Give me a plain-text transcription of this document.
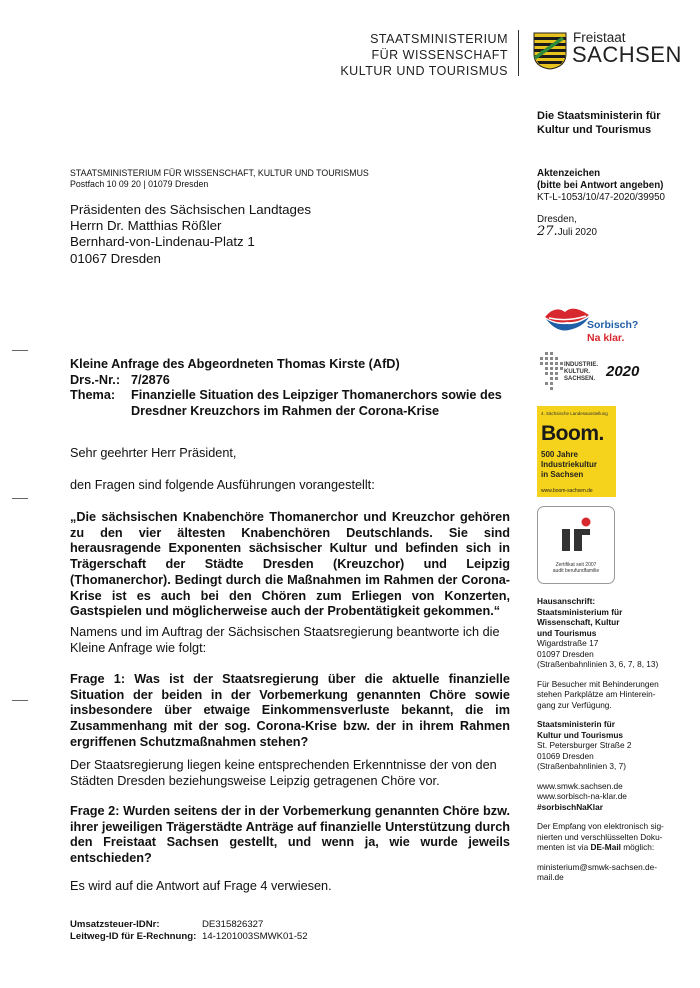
STAATSMINISTERIUM
FÜR WISSENSCHAFT
KULTUR UND TOURISMUS
Freistaat
SACHSEN
Die Staatsministerin für
Kultur und Tourismus
STAATSMINISTERIUM FÜR WISSENSCHAFT, KULTUR UND TOURISMUS
Postfach 10 09 20 | 01079 Dresden
Präsidenten des Sächsischen Landtages
Herrn Dr. Matthias Rößler
Bernhard-von-Lindenau-Platz 1
01067 Dresden
Aktenzeichen
(bitte bei Antwort angeben)
KT-L-1053/10/47-2020/39950
Dresden,
27.Juli 2020
Sorbisch?
Na klar.
INDUSTRIE.
KULTUR.
SACHSEN. 2020
4. Sächsische Landesausstellung
Boom.
500 Jahre
Industriekultur
in Sachsen
www.boom-sachsen.de
Zertifikat seit 2007
audit berufundfamilie
Hausanschrift:
Staatsministerium für
Wissenschaft, Kultur
und Tourismus
Wigardstraße 17
01097 Dresden
(Straßenbahnlinien 3, 6, 7, 8, 13)
Für Besucher mit Behinderungen
stehen Parkplätze am Hinterein-
gang zur Verfügung.
Staatsministerin für
Kultur und Tourismus
St. Petersburger Straße 2
01069 Dresden
(Straßenbahnlinien 3, 7)
www.smwk.sachsen.de
www.sorbisch-na-klar.de
#sorbischNaKlar
Der Empfang von elektronisch sig-
nierten und verschlüsselten Doku-
menten ist via DE-Mail möglich:
ministerium@smwk-sachsen.de-
mail.de
Kleine Anfrage des Abgeordneten Thomas Kirste (AfD)
Drs.-Nr.: 7/2876
Thema: Finanzielle Situation des Leipziger Thomanerchors sowie des
Dresdner Kreuzchors im Rahmen der Corona-Krise
Sehr geehrter Herr Präsident,
den Fragen sind folgende Ausführungen vorangestellt:
„Die sächsischen Knabenchöre Thomanerchor und Kreuzchor gehören zu den vier ältesten Knabenchören Deutschlands. Sie sind herausragende Exponenten sächsischer Kultur und befinden sich in Trägerschaft der Städte Dresden (Kreuzchor) und Leipzig (Thomanerchor). Bedingt durch die Maßnahmen im Rahmen der Corona-Krise ist es auch bei den Chören zum Erliegen von Konzerten, Gastspielen und möglicherweise auch der Probentätigkeit gekommen.“
Namens und im Auftrag der Sächsischen Staatsregierung beantworte ich die Kleine Anfrage wie folgt:
Frage 1: Was ist der Staatsregierung über die aktuelle finanzielle Situation der beiden in der Vorbemerkung genannten Chöre sowie insbesondere über etwaige Einkommensverluste bekannt, die im Zusammenhang mit der sog. Corona-Krise bzw. der in ihrem Rahmen ergriffenen Schutzmaßnahmen stehen?
Der Staatsregierung liegen keine entsprechenden Erkenntnisse der von den Städten Dresden beziehungsweise Leipzig getragenen Chöre vor.
Frage 2: Wurden seitens der in der Vorbemerkung genannten Chöre bzw. ihrer jeweiligen Trägerstädte Anträge auf finanzielle Unterstützung durch den Freistaat Sachsen gestellt, und wenn ja, wie wurde jeweils entschieden?
Es wird auf die Antwort auf Frage 4 verwiesen.
Umsatzsteuer-IDNr:	DE315826327
Leitweg-ID für E-Rechnung: 14-1201003SMWK01-52
